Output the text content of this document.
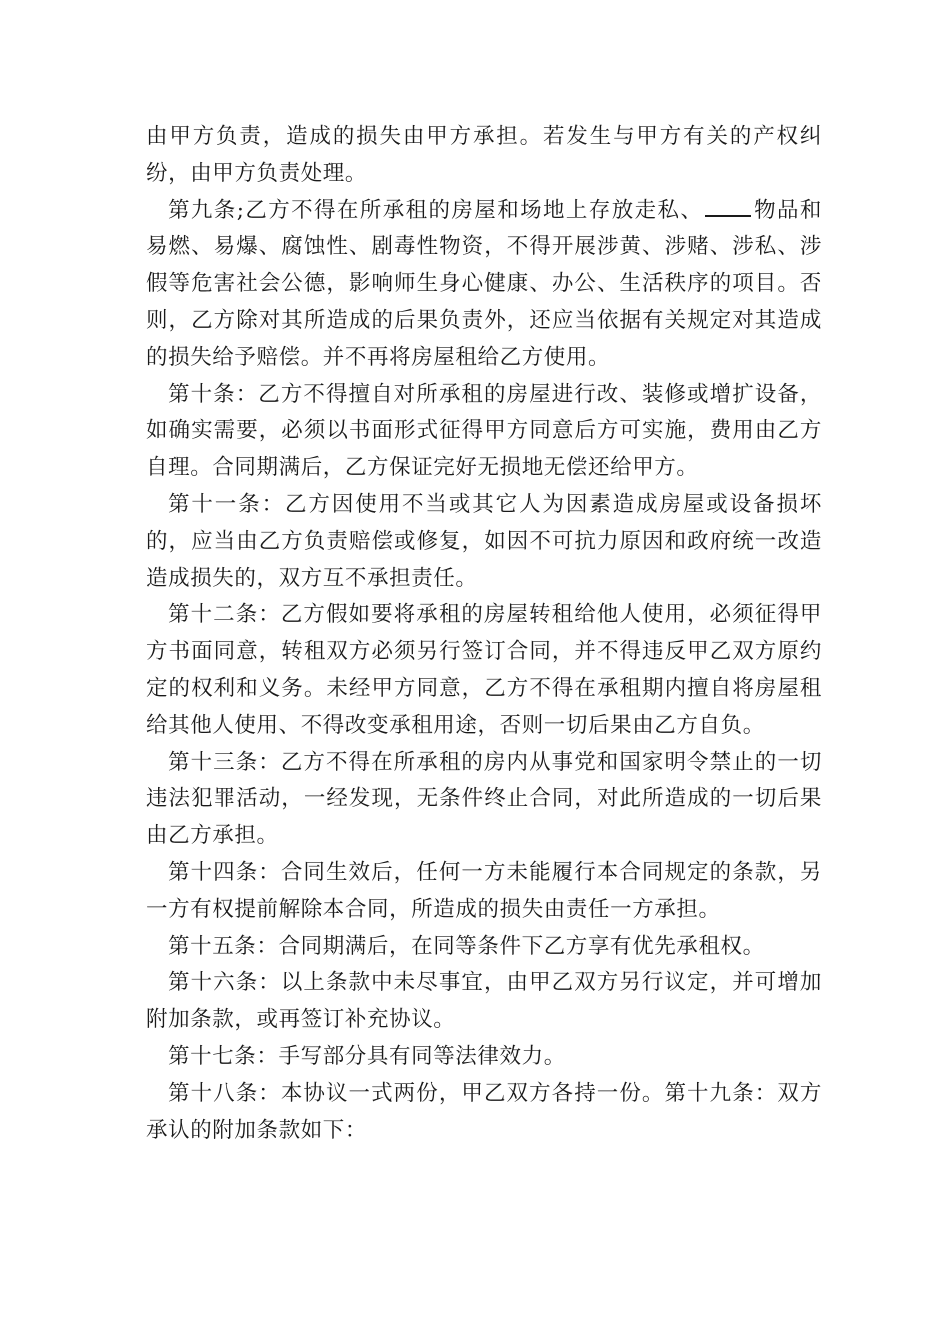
由甲方负责，造成的损失由甲方承担。若发生与甲方有关的产权纠纷，由甲方负责处理。

第九条;乙方不得在所承租的房屋和场地上存放走私、 物品和易燃、易爆、腐蚀性、剧毒性物资，不得开展涉黄、涉赌、涉私、涉假等危害社会公德，影响师生身心健康、办公、生活秩序的项目。否则，乙方除对其所造成的后果负责外，还应当依据有关规定对其造成的损失给予赔偿。并不再将房屋租给乙方使用。

第十条：乙方不得擅自对所承租的房屋进行改、装修或增扩设备，如确实需要，必须以书面形式征得甲方同意后方可实施，费用由乙方自理。合同期满后，乙方保证完好无损地无偿还给甲方。

第十一条：乙方因使用不当或其它人为因素造成房屋或设备损坏的，应当由乙方负责赔偿或修复，如因不可抗力原因和政府统一改造造成损失的，双方互不承担责任。

第十二条：乙方假如要将承租的房屋转租给他人使用，必须征得甲方书面同意，转租双方必须另行签订合同，并不得违反甲乙双方原约定的权利和义务。未经甲方同意，乙方不得在承租期内擅自将房屋租给其他人使用、不得改变承租用途，否则一切后果由乙方自负。

第十三条：乙方不得在所承租的房内从事党和国家明令禁止的一切违法犯罪活动，一经发现，无条件终止合同，对此所造成的一切后果由乙方承担。

第十四条：合同生效后，任何一方未能履行本合同规定的条款，另一方有权提前解除本合同，所造成的损失由责任一方承担。

第十五条：合同期满后，在同等条件下乙方享有优先承租权。

第十六条：以上条款中未尽事宜，由甲乙双方另行议定，并可增加附加条款，或再签订补充协议。

第十七条：手写部分具有同等法律效力。

第十八条：本协议一式两份，甲乙双方各持一份。第十九条：双方承认的附加条款如下：
